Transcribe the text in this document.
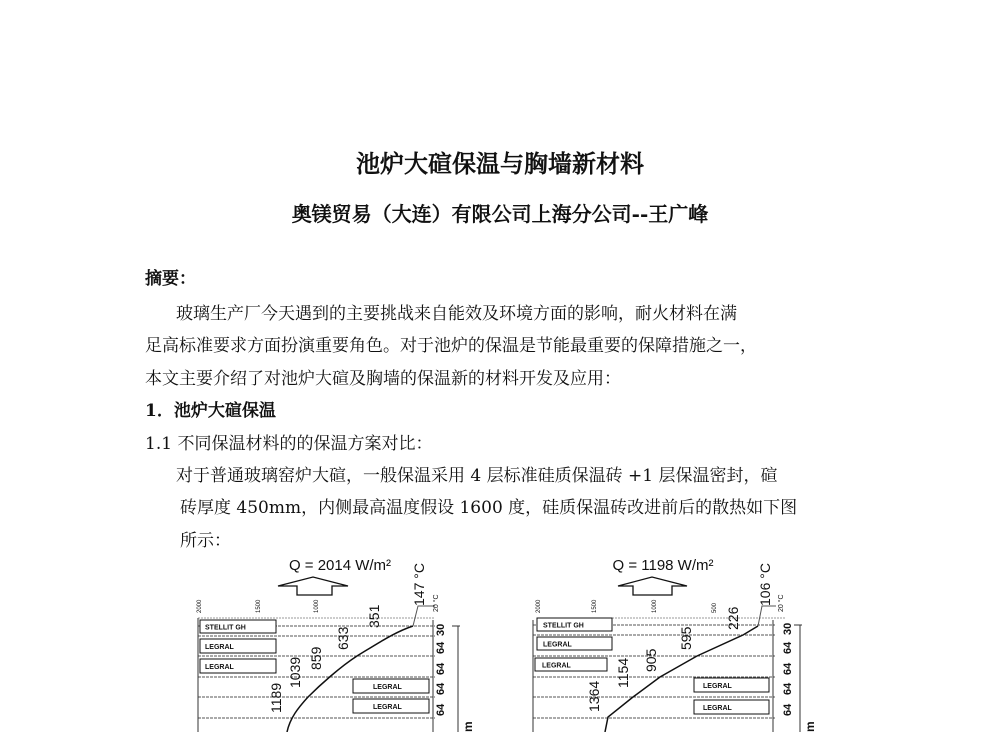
池炉大碹保温与胸墙新材料
奥镁贸易（大连）有限公司上海分公司--王广峰
摘要：
玻璃生产厂今天遇到的主要挑战来自能效及环境方面的影响，耐火材料在满
足高标准要求方面扮演重要角色。对于池炉的保温是节能最重要的保障措施之一，
本文主要介绍了对池炉大碹及胸墙的保温新的材料开发及应用：
1．池炉大碹保温
1.1 不同保温材料的的保温方案对比：
对于普通玻璃窑炉大碹，一般保温采用 4 层标准硅质保温砖 +1 层保温密封，碹
砖厚度 450mm，内侧最高温度假设 1600 度，硅质保温砖改进前后的散热如下图
所示：
Q = 2014 W/m²
2000	1500	1000
STELLIT GH
LEGRAL
LEGRAL
LEGRAL
LEGRAL
30
64
64
64
64
m
147 °C 20 °C
351
633
859
1039
1189
Q = 1198 W/m²
2000	1500	1000	500
STELLIT GH
LEGRAL
LEGRAL
LEGRAL
LEGRAL
30
64
64
64
64
m
106 °C 20 °C
226
595
905
1154
1364
